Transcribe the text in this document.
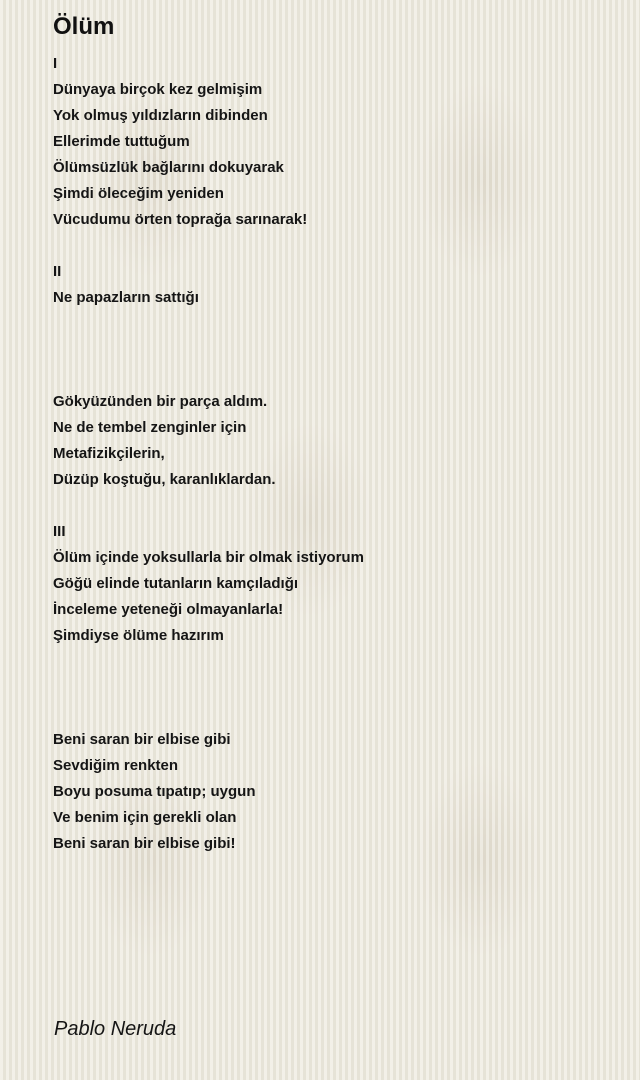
Ölüm
I
Dünyaya birçok kez gelmişim
Yok olmuş yıldızların dibinden
Ellerimde tuttuğum
Ölümsüzlük bağlarını dokuyarak
Şimdi öleceğim yeniden
Vücudumu örten toprağa sarınarak!
II
Ne papazların sattığı
Gökyüzünden bir parça aldım.
Ne de tembel zenginler için
Metafizikçilerin,
Düzüp koştuğu, karanlıklardan.
III
Ölüm içinde yoksullarla bir olmak istiyorum
Göğü elinde tutanların kamçıladığı
İnceleme yeteneği olmayanlarla!
Şimdiyse ölüme hazırım
Beni saran bir elbise gibi
Sevdiğim renkten
Boyu posuma tıpatıp; uygun
Ve benim için gerekli olan
Beni saran bir elbise gibi!
Pablo Neruda
